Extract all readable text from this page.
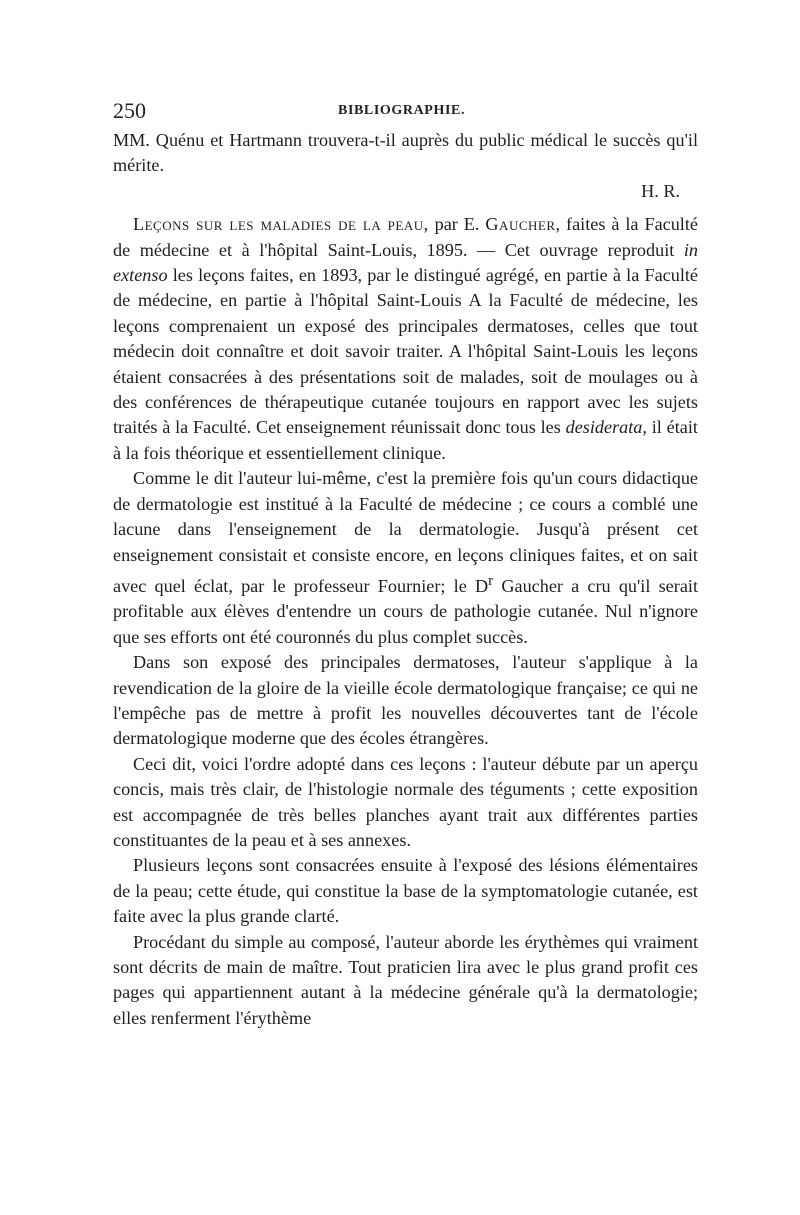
250	BIBLIOGRAPHIE.

MM. Quénu et Hartmann trouvera-t-il auprès du public médical le succès qu'il mérite.

H. R.

Leçons sur les maladies de la peau, par E. Gaucher, faites à la Faculté de médecine et à l'hôpital Saint-Louis, 1895. — Cet ouvrage reproduit in extenso les leçons faites, en 1893, par le distingué agrégé, en partie à la Faculté de médecine, en partie à l'hôpital Saint-Louis A la Faculté de médecine, les leçons comprenaient un exposé des principales dermatoses, celles que tout médecin doit connaître et doit savoir traiter. A l'hôpital Saint-Louis les leçons étaient consacrées à des présentations soit de malades, soit de moulages ou à des conférences de thérapeutique cutanée toujours en rapport avec les sujets traités à la Faculté. Cet enseignement réunissait donc tous les desiderata, il était à la fois théorique et essentiellement clinique.

Comme le dit l'auteur lui-même, c'est la première fois qu'un cours didactique de dermatologie est institué à la Faculté de médecine ; ce cours a comblé une lacune dans l'enseignement de la dermatologie. Jusqu'à présent cet enseignement consistait et consiste encore, en leçons cliniques faites, et on sait avec quel éclat, par le professeur Fournier; le $D^r$ Gaucher a cru qu'il serait profitable aux élèves d'entendre un cours de pathologie cutanée. Nul n'ignore que ses efforts ont été couronnés du plus complet succès.

Dans son exposé des principales dermatoses, l'auteur s'applique à la revendication de la gloire de la vieille école dermatologique française; ce qui ne l'empêche pas de mettre à profit les nouvelles découvertes tant de l'école dermatologique moderne que des écoles étrangères.

Ceci dit, voici l'ordre adopté dans ces leçons : l'auteur débute par un aperçu concis, mais très clair, de l'histologie normale des téguments ; cette exposition est accompagnée de très belles planches ayant trait aux différentes parties constituantes de la peau et à ses annexes.

Plusieurs leçons sont consacrées ensuite à l'exposé des lésions élémentaires de la peau; cette étude, qui constitue la base de la symptomatologie cutanée, est faite avec la plus grande clarté.

Procédant du simple au composé, l'auteur aborde les érythèmes qui vraiment sont décrits de main de maître. Tout praticien lira avec le plus grand profit ces pages qui appartiennent autant à la médecine générale qu'à la dermatologie; elles renferment l'érythème
